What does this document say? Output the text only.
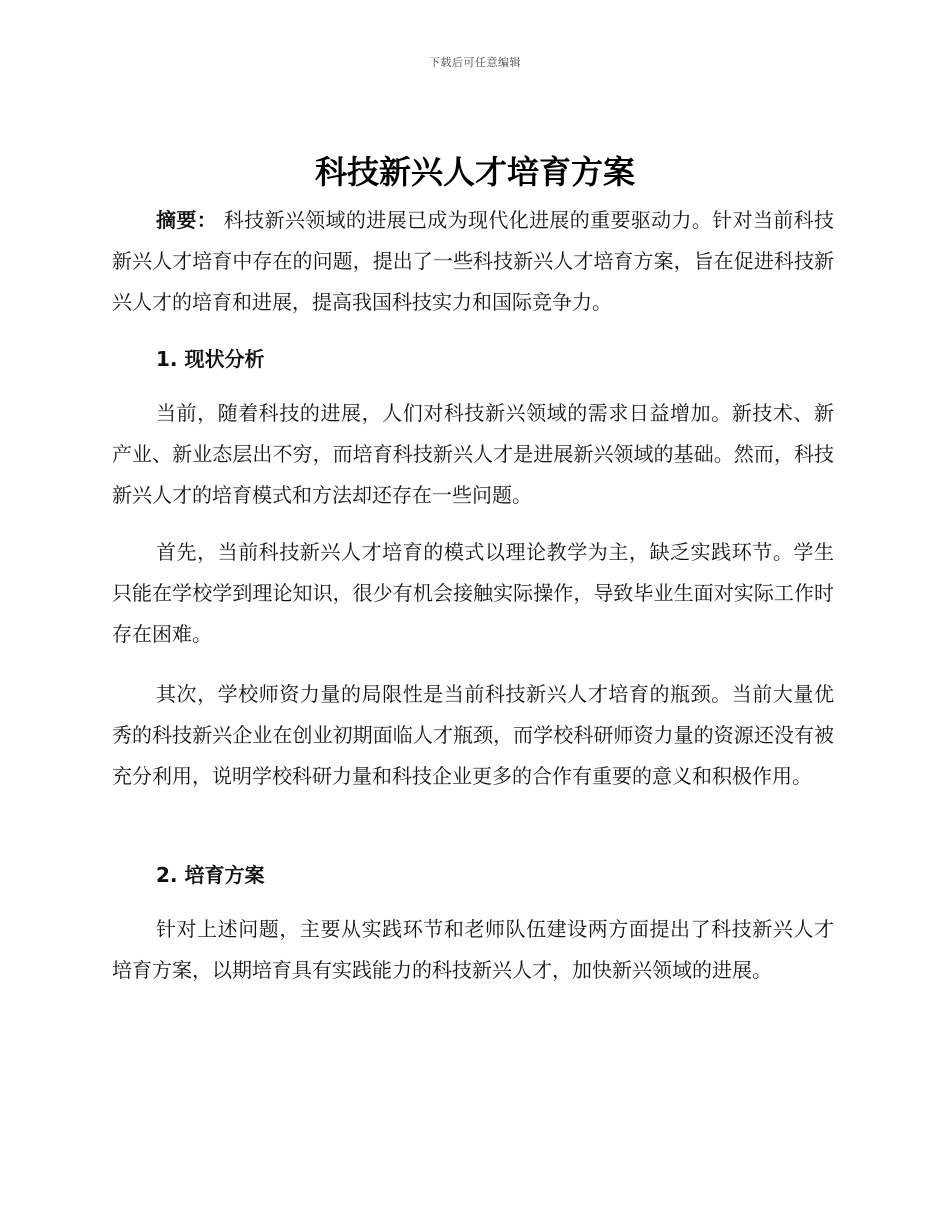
下载后可任意编辑
科技新兴人才培育方案

摘要： 科技新兴领域的进展已成为现代化进展的重要驱动力。针对当前科技新兴人才培育中存在的问题，提出了一些科技新兴人才培育方案，旨在促进科技新兴人才的培育和进展，提高我国科技实力和国际竞争力。

1. 现状分析

当前，随着科技的进展，人们对科技新兴领域的需求日益增加。新技术、新产业、新业态层出不穷，而培育科技新兴人才是进展新兴领域的基础。然而，科技新兴人才的培育模式和方法却还存在一些问题。

首先，当前科技新兴人才培育的模式以理论教学为主，缺乏实践环节。学生只能在学校学到理论知识，很少有机会接触实际操作，导致毕业生面对实际工作时存在困难。

其次，学校师资力量的局限性是当前科技新兴人才培育的瓶颈。当前大量优秀的科技新兴企业在创业初期面临人才瓶颈，而学校科研师资力量的资源还没有被充分利用，说明学校科研力量和科技企业更多的合作有重要的意义和积极作用。

2. 培育方案

针对上述问题，主要从实践环节和老师队伍建设两方面提出了科技新兴人才培育方案，以期培育具有实践能力的科技新兴人才，加快新兴领域的进展。
